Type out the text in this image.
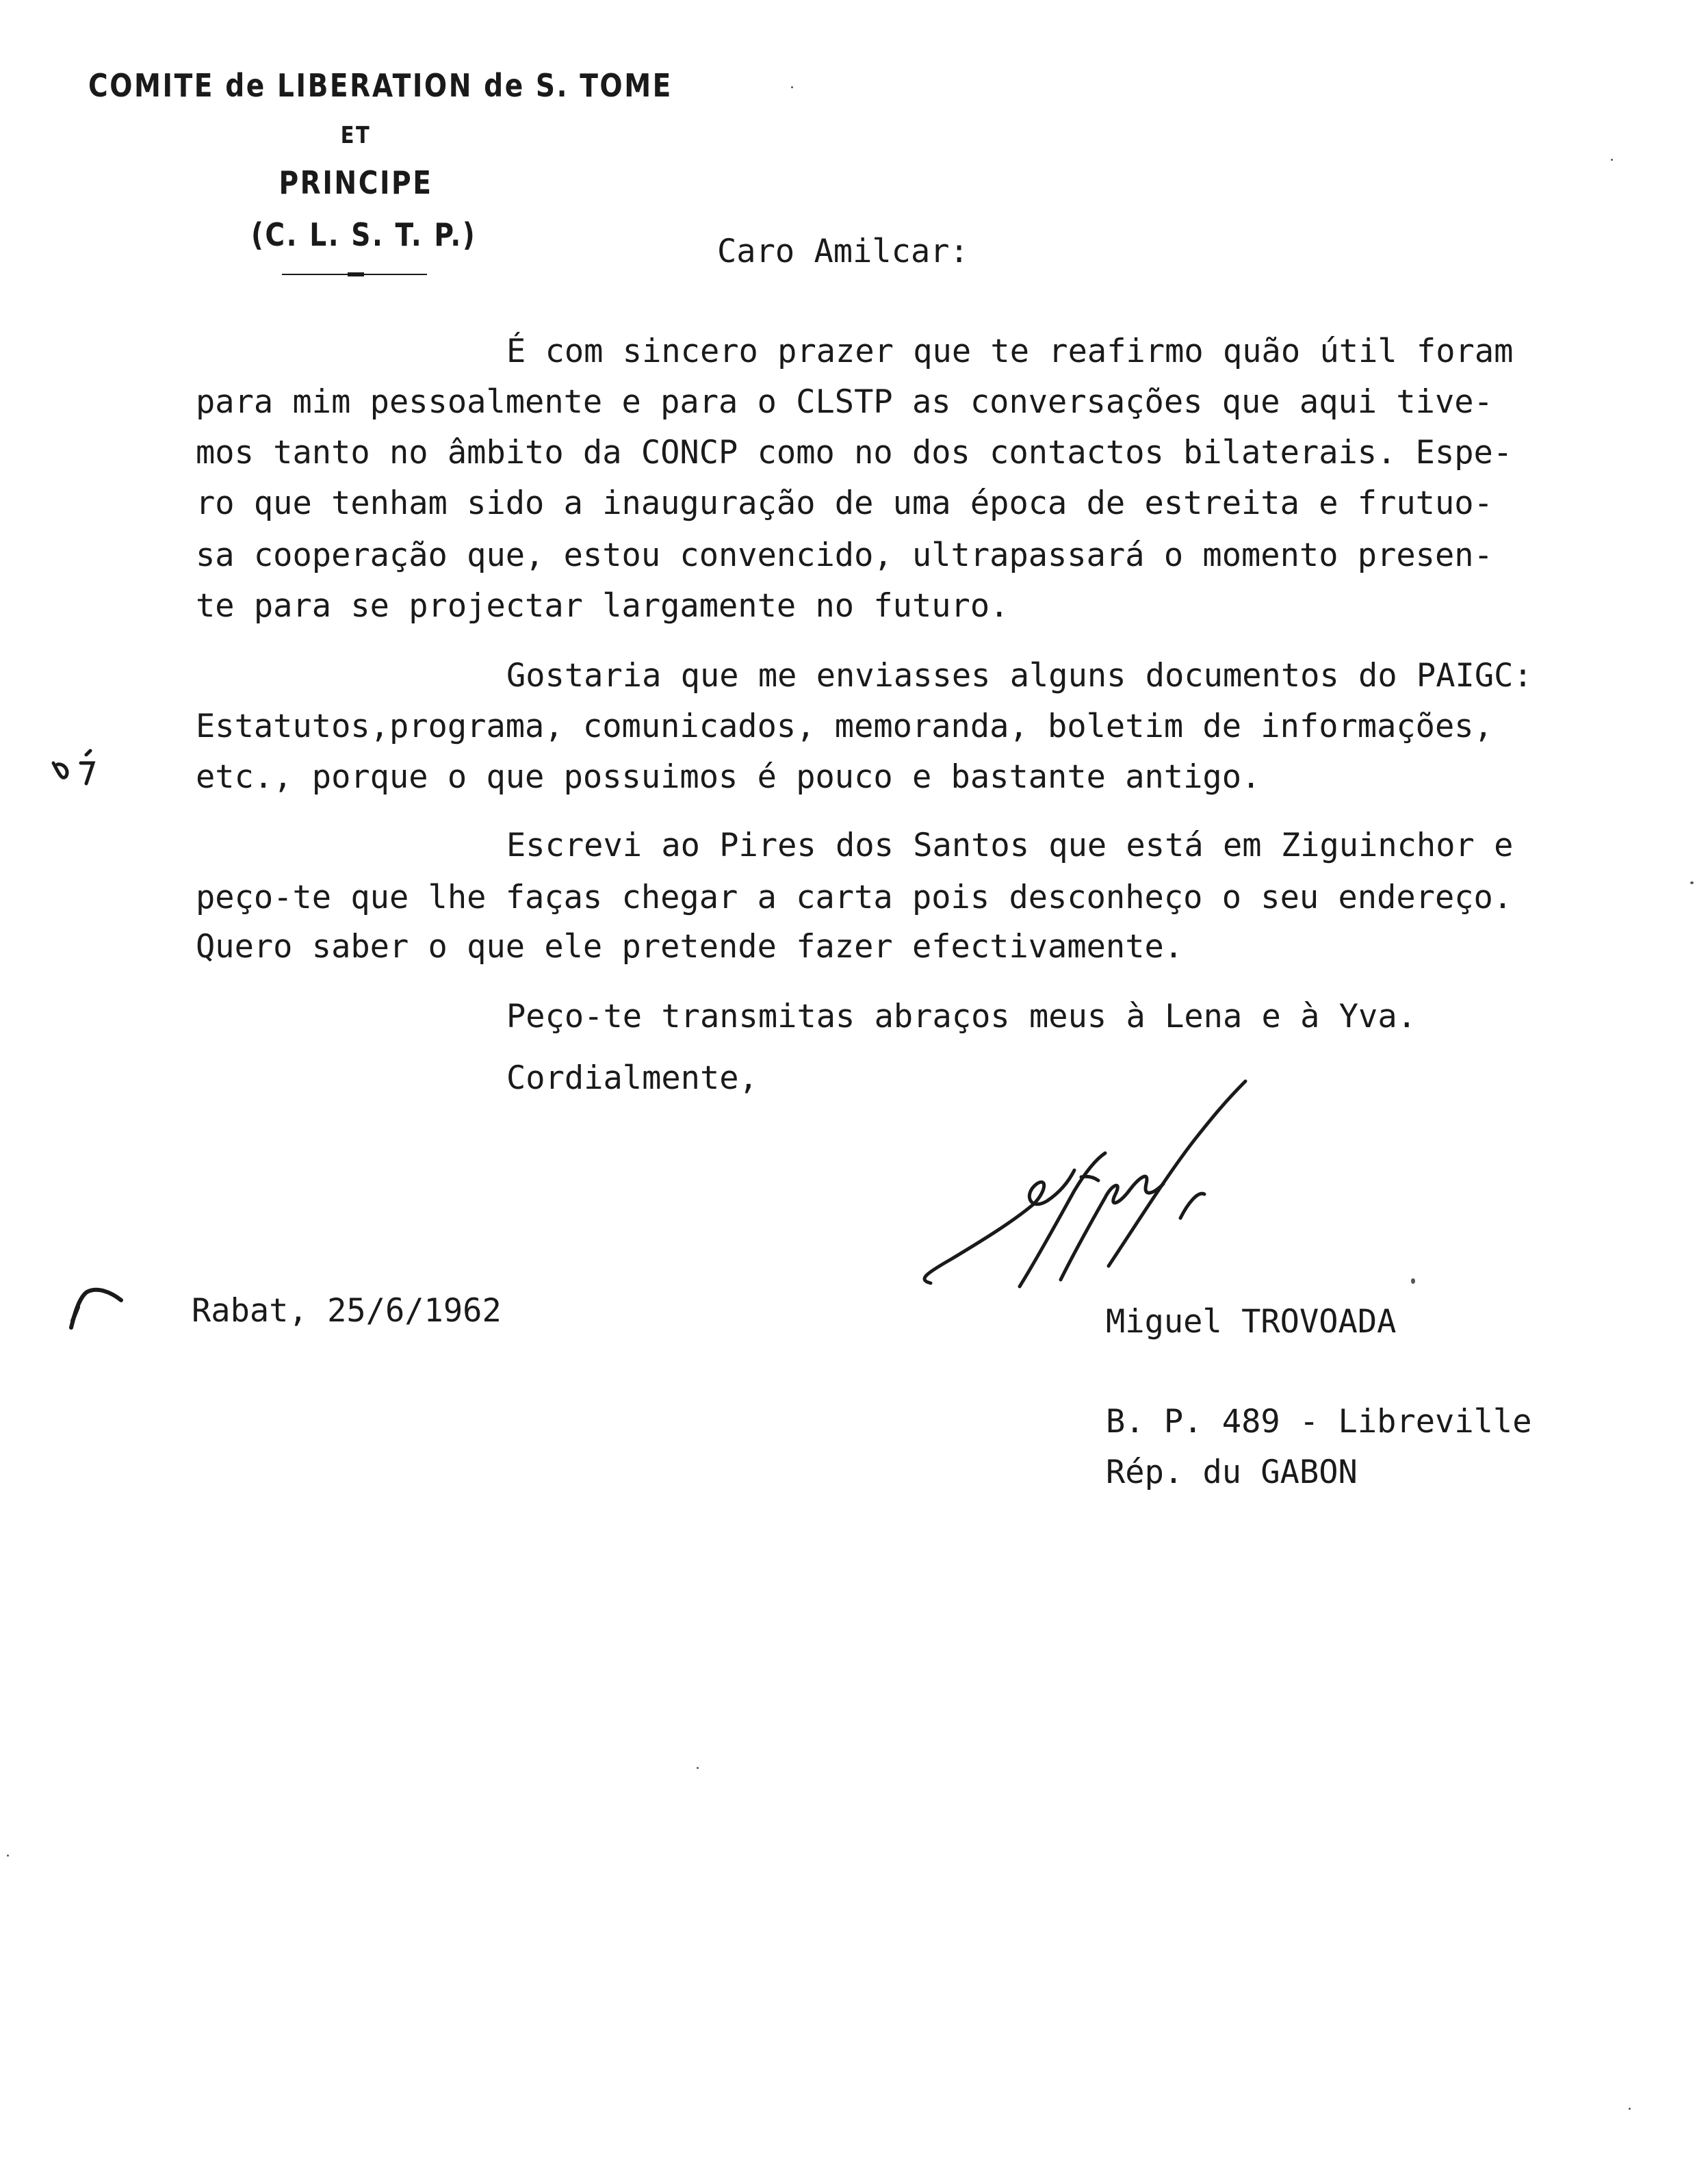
COMITE de LIBERATION de S. TOME
ET
PRINCIPE
(C. L. S. T. P.)	Caro Amilcar:
É com sincero prazer que te reafirmo quão útil foram
para mim pessoalmente e para o CLSTP as conversações que aqui tive-
mos tanto no âmbito da CONCP como no dos contactos bilaterais. Espe-
ro que tenham sido a inauguração de uma época de estreita e frutuo-
sa cooperação que, estou convencido, ultrapassará o momento presen-
te para se projectar largamente no futuro.
Gostaria que me enviasses alguns documentos do PAIGC:
Estatutos,programa, comunicados, memoranda, boletim de informações,
etc., porque o que possuimos é pouco e bastante antigo.
Escrevi ao Pires dos Santos que está em Ziguinchor e
peço-te que lhe faças chegar a carta pois desconheço o seu endereço.
Quero saber o que ele pretende fazer efectivamente.
Peço-te transmitas abraços meus à Lena e à Yva.
Cordialmente,
Rabat, 25/6/1962	Miguel TROVOADA
B. P. 489 - Libreville
Rép. du GABON
